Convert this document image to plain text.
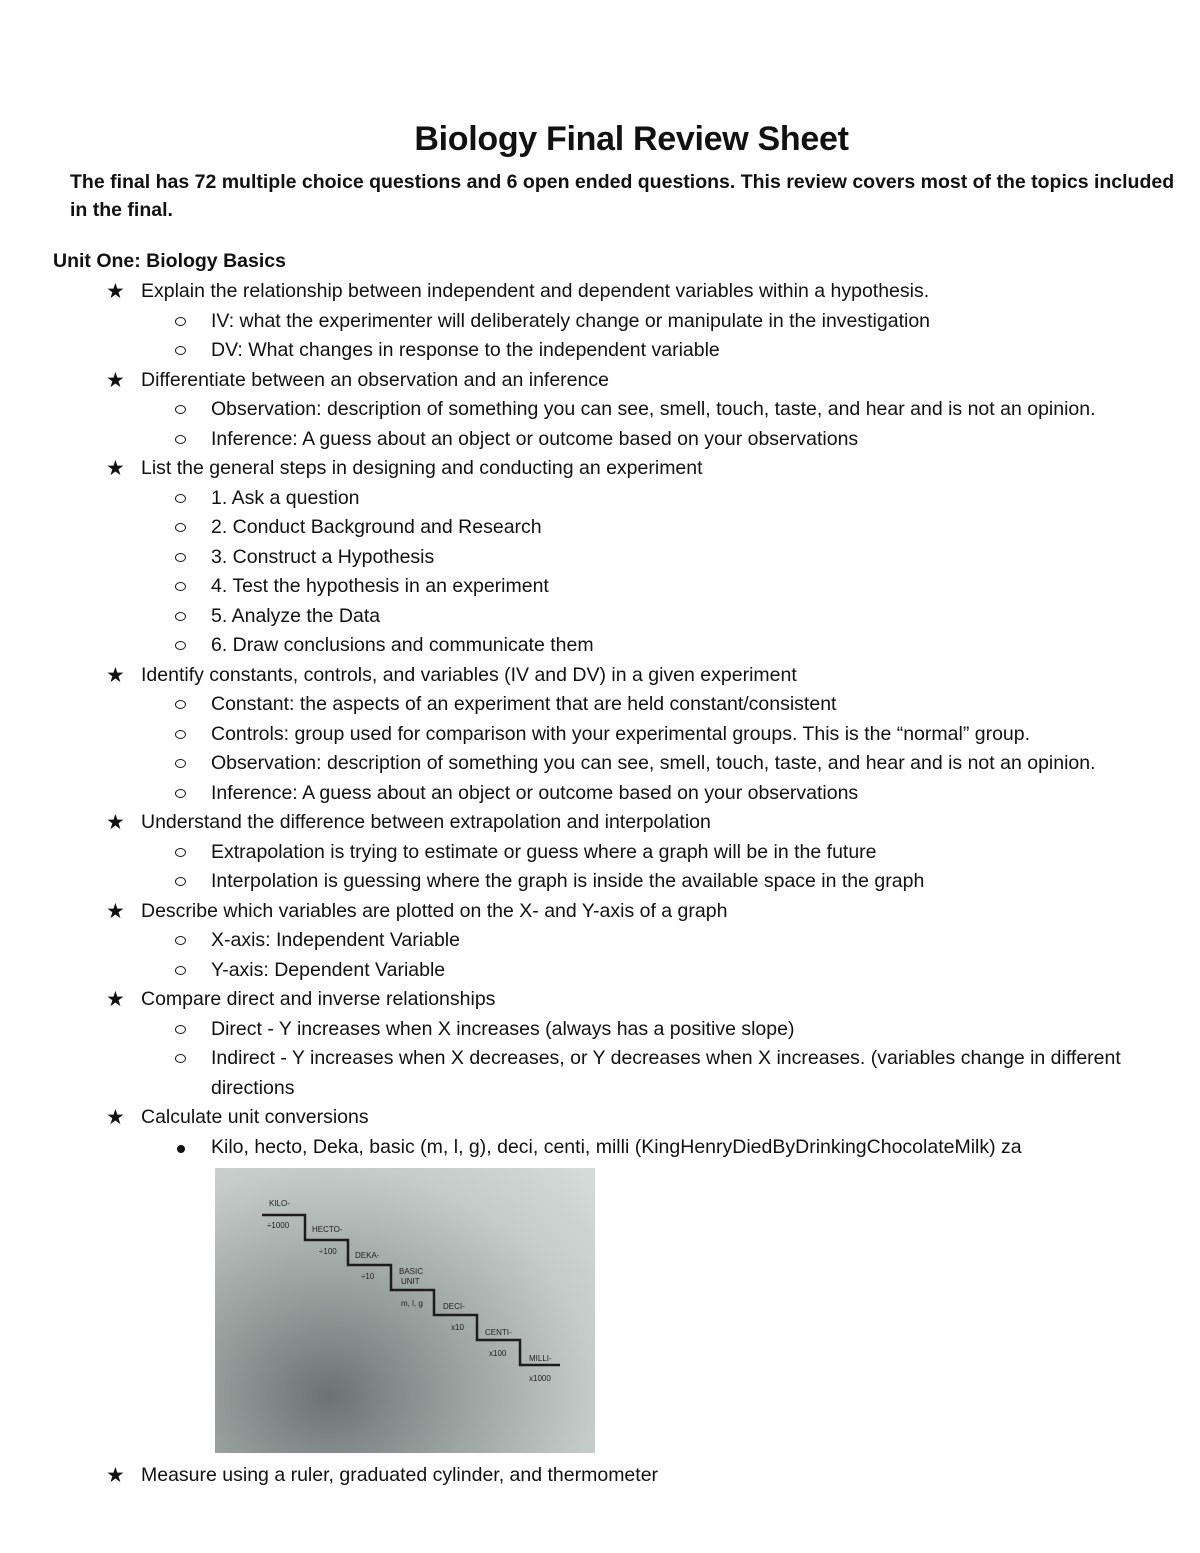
Biology Final Review Sheet

The final has 72 multiple choice questions and 6 open ended questions. This review covers most of the topics included in the final.

Unit One: Biology Basics

★ Explain the relationship between independent and dependent variables within a hypothesis.
IV: what the experimenter will deliberately change or manipulate in the investigation
DV: What changes in response to the independent variable
★ Differentiate between an observation and an inference
Observation: description of something you can see, smell, touch, taste, and hear and is not an opinion.
Inference: A guess about an object or outcome based on your observations
★ List the general steps in designing and conducting an experiment
1. Ask a question
2. Conduct Background and Research
3. Construct a Hypothesis
4. Test the hypothesis in an experiment
5. Analyze the Data
6. Draw conclusions and communicate them
★ Identify constants, controls, and variables (IV and DV) in a given experiment
Constant: the aspects of an experiment that are held constant/consistent
Controls: group used for comparison with your experimental groups. This is the “normal” group.
Observation: description of something you can see, smell, touch, taste, and hear and is not an opinion.
Inference: A guess about an object or outcome based on your observations
★ Understand the difference between extrapolation and interpolation
Extrapolation is trying to estimate or guess where a graph will be in the future
Interpolation is guessing where the graph is inside the available space in the graph
★ Describe which variables are plotted on the X- and Y-axis of a graph
X-axis: Independent Variable
Y-axis: Dependent Variable
★ Compare direct and inverse relationships
Direct - Y increases when X increases (always has a positive slope)
Indirect - Y increases when X decreases, or Y decreases when X increases. (variables change in different directions
★ Calculate unit conversions
Kilo, hecto, Deka, basic (m, l, g), deci, centi, milli (KingHenryDiedByDrinkingChocolateMilk) za
KILO-
÷1000	HECTO-
÷100 DEKA-
÷10
BASIC
UNIT
m, l, g	DECI-
x10
CENTI-
x100
MILLI-
x1000
★ Measure using a ruler, graduated cylinder, and thermometer
